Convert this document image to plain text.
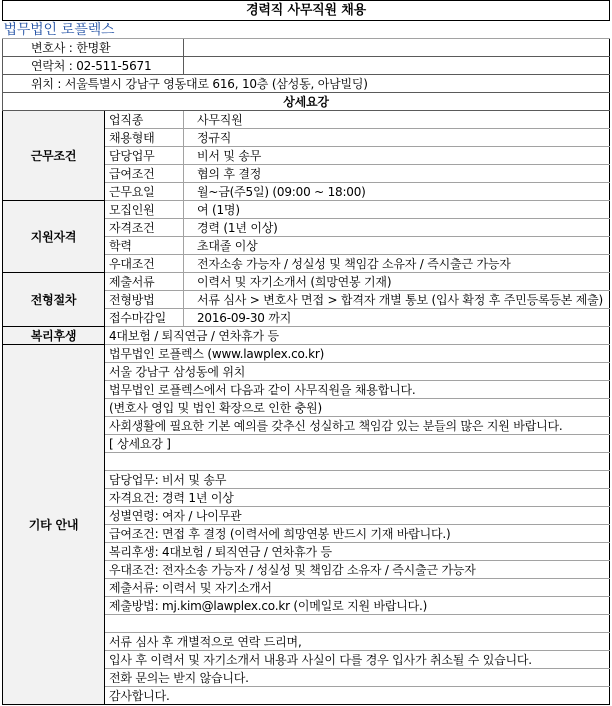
경력직 사무직원 채용		
법무법인 로플렉스		
변호사 : 한명환		
연락처 : 02-511-5671		
위치 : 서울특별시 강남구 영동대로 616, 10층 (삼성동, 아남빌딩)		
상세요강		
근무조건	업직종	사무직원
	채용형태	정규직
	담당업무	비서 및 송무
	급여조건	협의 후 결정
	근무요일	월~금(주5일) (09:00 ~ 18:00)
지원자격	모집인원	여 (1명)
	자격조건	경력 (1년 이상)
	학력	초대졸 이상
	우대조건	전자소송 가능자 / 성실성 및 책임감 소유자 / 즉시출근 가능자
전형절차	제출서류	이력서 및 자기소개서 (희망연봉 기재)
	전형방법	서류 심사 > 변호사 면접 > 합격자 개별 통보 (입사 확정 후 주민등록등본 제출)
	접수마감일	2016-09-30 까지
복리후생	4대보험 / 퇴직연금 / 연차휴가 등	
기타 안내	법무법인 로플렉스 (www.lawplex.co.kr)	
	서울 강남구 삼성동에 위치	
	법무법인 로플렉스에서 다음과 같이 사무직원을 채용합니다.	
	(변호사 영입 및 법인 확장으로 인한 충원)	
	사회생활에 필요한 기본 예의를 갖추신 성실하고 책임감 있는 분들의 많은 지원 바랍니다.	
	[ 상세요강 ]	

	담당업무: 비서 및 송무	
	자격요건: 경력 1년 이상	
	성별연령: 여자 / 나이무관	
	급여조건: 면접 후 결정 (이력서에 희망연봉 반드시 기재 바랍니다.)	
	복리후생: 4대보험 / 퇴직연금 / 연차휴가 등	
	우대조건: 전자소송 가능자 / 성실성 및 책임감 소유자 / 즉시출근 가능자	
	제출서류: 이력서 및 자기소개서	
	제출방법: mj.kim@lawplex.co.kr (이메일로 지원 바랍니다.)	

	서류 심사 후 개별적으로 연락 드리며,	
	입사 후 이력서 및 자기소개서 내용과 사실이 다를 경우 입사가 취소될 수 있습니다.	
	전화 문의는 받지 않습니다.	
	감사합니다.	
